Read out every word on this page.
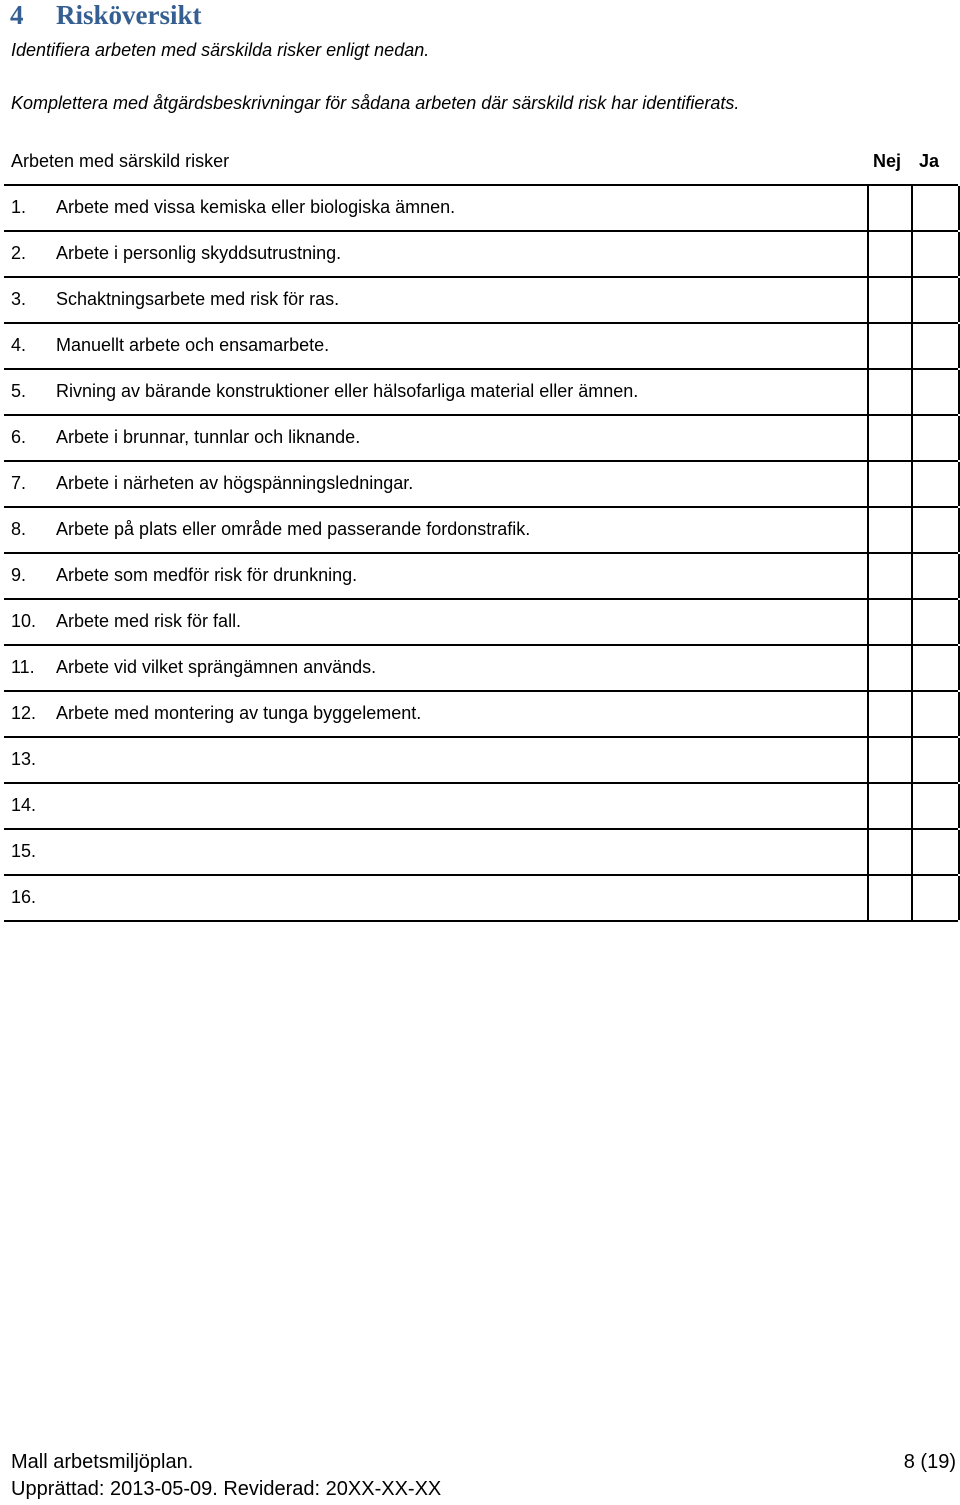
4	Risköversikt
Identifiera arbeten med särskilda risker enligt nedan.
Komplettera med åtgärdsbeskrivningar för sådana arbeten där särskild risk har identifierats.
Arbeten med särskild risker	Nej Ja
1. Arbete med vissa kemiska eller biologiska ämnen.
2. Arbete i personlig skyddsutrustning.
3. Schaktningsarbete med risk för ras.
4. Manuellt arbete och ensamarbete.
5. Rivning av bärande konstruktioner eller hälsofarliga material eller ämnen.
6. Arbete i brunnar, tunnlar och liknande.
7. Arbete i närheten av högspänningsledningar.
8. Arbete på plats eller område med passerande fordonstrafik.
9. Arbete som medför risk för drunkning.
10. Arbete med risk för fall.
11. Arbete vid vilket sprängämnen används.
12. Arbete med montering av tunga byggelement.
13.
14.
15.
16.
Mall arbetsmiljöplan.
Upprättad: 2013-05-09. Reviderad: 20XX-XX-XX
8 (19)
